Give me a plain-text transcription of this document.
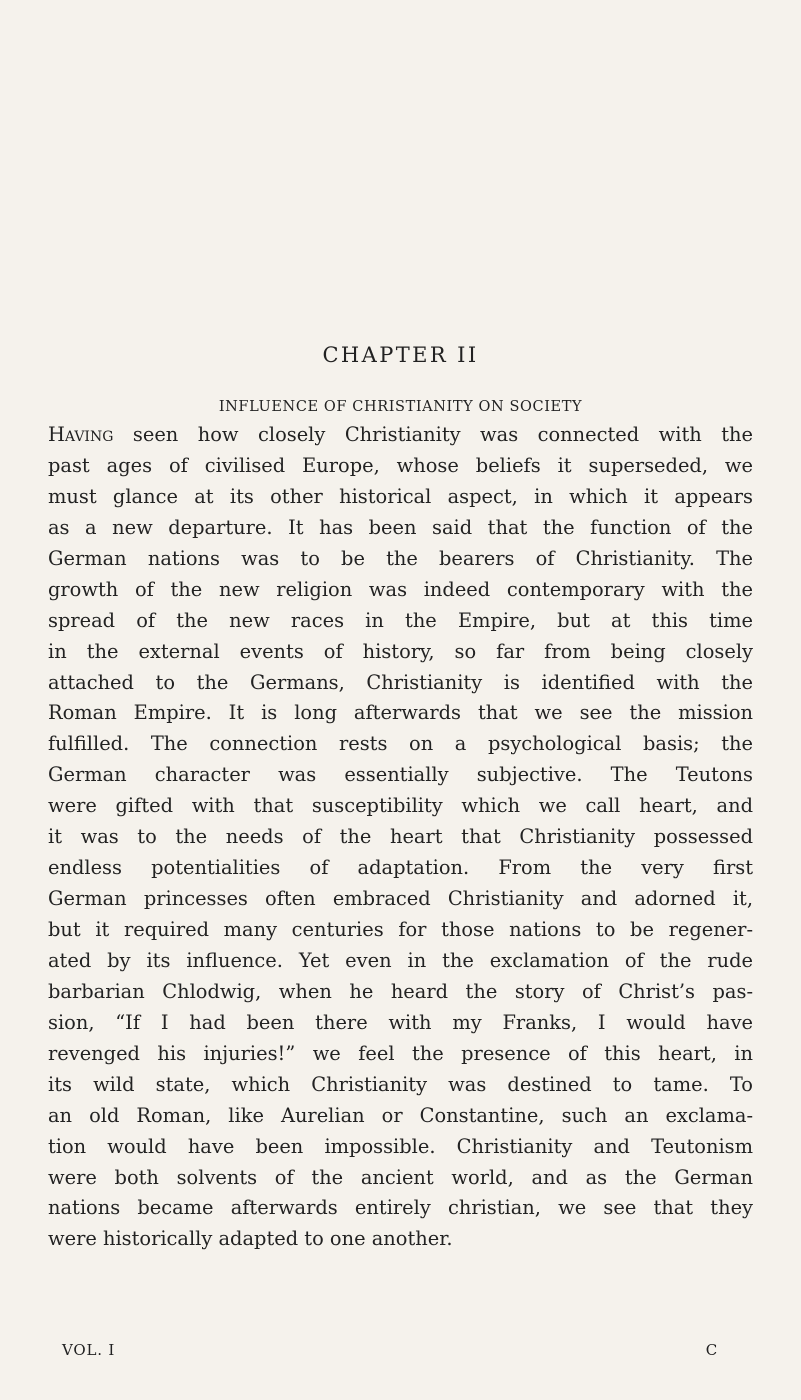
CHAPTER II
INFLUENCE OF CHRISTIANITY ON SOCIETY
Having seen how closely Christianity was connected with the
past ages of civilised Europe, whose beliefs it superseded, we
must glance at its other historical aspect, in which it appears
as a new departure. It has been said that the function of the
German nations was to be the bearers of Christianity. The
growth of the new religion was indeed contemporary with the
spread of the new races in the Empire, but at this time
in the external events of history, so far from being closely
attached to the Germans, Christianity is identified with the
Roman Empire. It is long afterwards that we see the mission
fulfilled. The connection rests on a psychological basis; the
German character was essentially subjective. The Teutons
were gifted with that susceptibility which we call heart, and
it was to the needs of the heart that Christianity possessed
endless potentialities of adaptation. From the very first
German princesses often embraced Christianity and adorned it,
but it required many centuries for those nations to be regener-
ated by its influence. Yet even in the exclamation of the rude
barbarian Chlodwig, when he heard the story of Christ’s pas-
sion, “If I had been there with my Franks, I would have
revenged his injuries!” we feel the presence of this heart, in
its wild state, which Christianity was destined to tame. To
an old Roman, like Aurelian or Constantine, such an exclama-
tion would have been impossible. Christianity and Teutonism
were both solvents of the ancient world, and as the German
nations became afterwards entirely christian, we see that they
were historically adapted to one another.
VOL. I	C
